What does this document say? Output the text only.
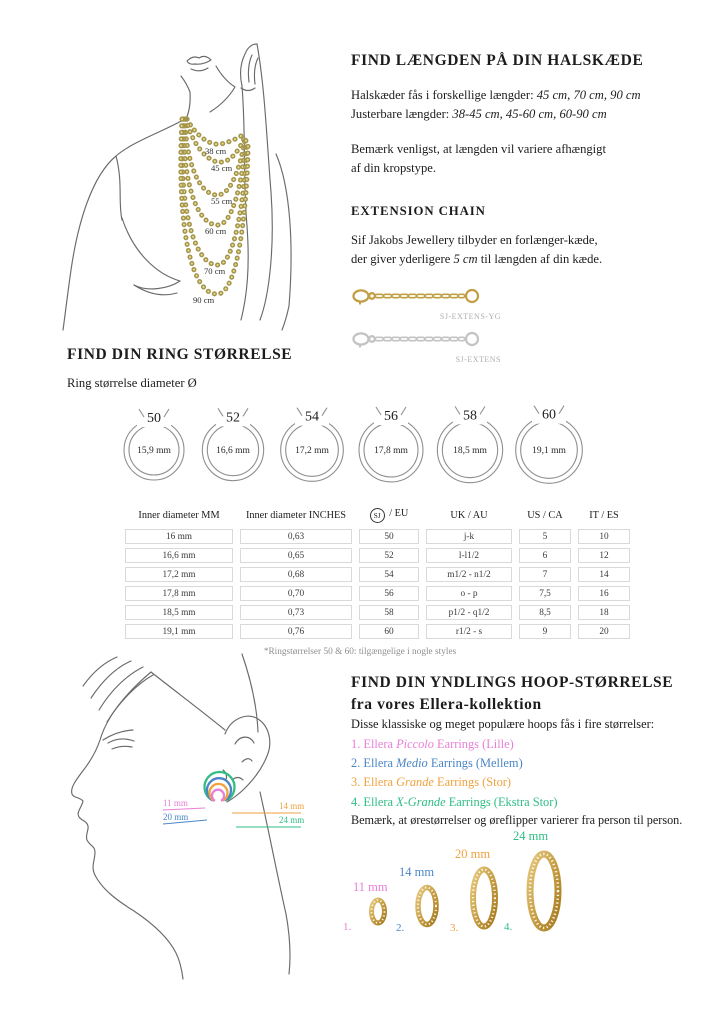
38 cm
45 cm
55 cm
60 cm
70 cm
90 cm
FIND LÆNGDEN PÅ DIN HALSKÆDE
Halskæder fås i forskellige længder: 45 cm, 70 cm, 90 cm
Justerbare længder: 38-45 cm, 45-60 cm, 60-90 cm
Bemærk venligst, at længden vil variere afhængigt
af din kropstype.
EXTENSION CHAIN
Sif Jakobs Jewellery tilbyder en forlænger-kæde,
der giver yderligere 5 cm til længden af din kæde.
SJ-EXTENS-YG
SJ-EXTENS
FIND DIN RING STØRRELSE
Ring størrelse diameter Ø
50
15,9 mm
52
16,6 mm
54
17,2 mm
56
17,8 mm
58
18,5 mm
60
19,1 mm
Inner diameter MM	Inner diameter INCHES	SJ / EU	UK / AU	US / CA	IT / ES
16 mm	0,63	50	j-k	5	10
16,6 mm	0,65	52	l-l1/2	6	12
17,2 mm	0,68	54	m1/2 - n1/2	7	14
17,8 mm	0,70	56	o - p	7,5	16
18,5 mm	0,73	58	p1/2 - q1/2	8,5	18
19,1 mm	0,76	60	r1/2 - s	9	20
*Ringstørrelser 50 & 60: tilgængelige i nogle styles
11 mm
20 mm
14 mm
24 mm
FIND DIN YNDLINGS HOOP-STØRRELSE
fra vores Ellera-kollektion
Disse klassiske og meget populære hoops fås i fire størrelser:
1. Ellera Piccolo Earrings (Lille)
2. Ellera Medio Earrings (Mellem)
3. Ellera Grande Earrings (Stor)
4. Ellera X-Grande Earrings (Ekstra Stor)
Bemærk, at ørestørrelser og øreflipper varierer fra person til person.
11 mm
1.
14 mm
2.
20 mm
3.
24 mm
4.
